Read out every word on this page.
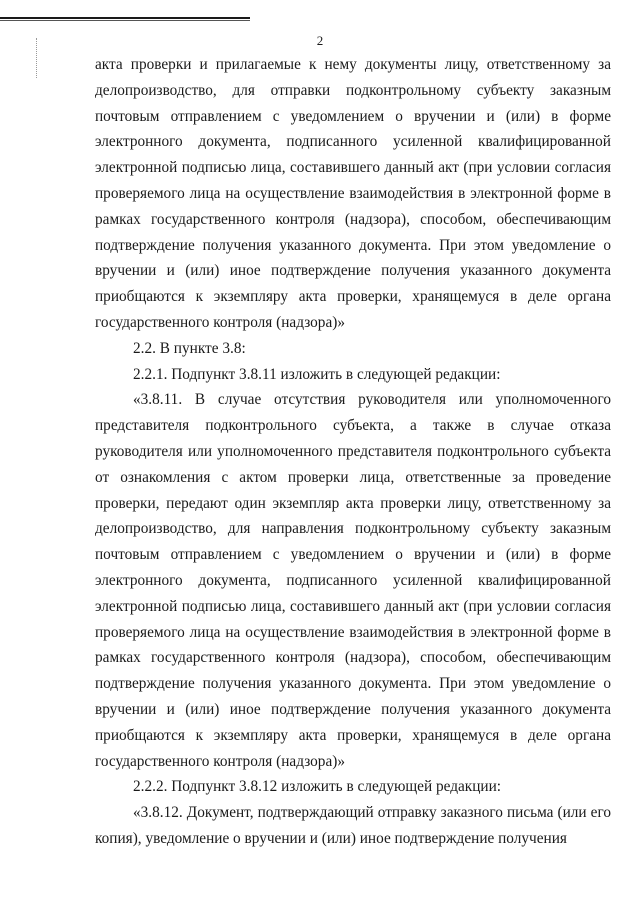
2

акта проверки и прилагаемые к нему документы лицу, ответственному за делопроизводство, для отправки подконтрольному субъекту заказным почтовым отправлением с уведомлением о вручении и (или) в форме электронного документа, подписанного усиленной квалифицированной электронной подписью лица, составившего данный акт (при условии согласия проверяемого лица на осуществление взаимодействия в электронной форме в рамках государственного контроля (надзора), способом, обеспечивающим подтверждение получения указанного документа. При этом уведомление о вручении и (или) иное подтверждение получения указанного документа приобщаются к экземпляру акта проверки, хранящемуся в деле органа государственного контроля (надзора)»

2.2. В пункте 3.8:

2.2.1. Подпункт 3.8.11 изложить в следующей редакции:

«3.8.11. В случае отсутствия руководителя или уполномоченного представителя подконтрольного субъекта, а также в случае отказа руководителя или уполномоченного представителя подконтрольного субъекта от ознакомления с актом проверки лица, ответственные за проведение проверки, передают один экземпляр акта проверки лицу, ответственному за делопроизводство, для направления подконтрольному субъекту заказным почтовым отправлением с уведомлением о вручении и (или) в форме электронного документа, подписанного усиленной квалифицированной электронной подписью лица, составившего данный акт (при условии согласия проверяемого лица на осуществление взаимодействия в электронной форме в рамках государственного контроля (надзора), способом, обеспечивающим подтверждение получения указанного документа. При этом уведомление о вручении и (или) иное подтверждение получения указанного документа приобщаются к экземпляру акта проверки, хранящемуся в деле органа государственного контроля (надзора)»

2.2.2. Подпункт 3.8.12 изложить в следующей редакции:

«3.8.12. Документ, подтверждающий отправку заказного письма (или его копия), уведомление о вручении и (или) иное подтверждение получения
